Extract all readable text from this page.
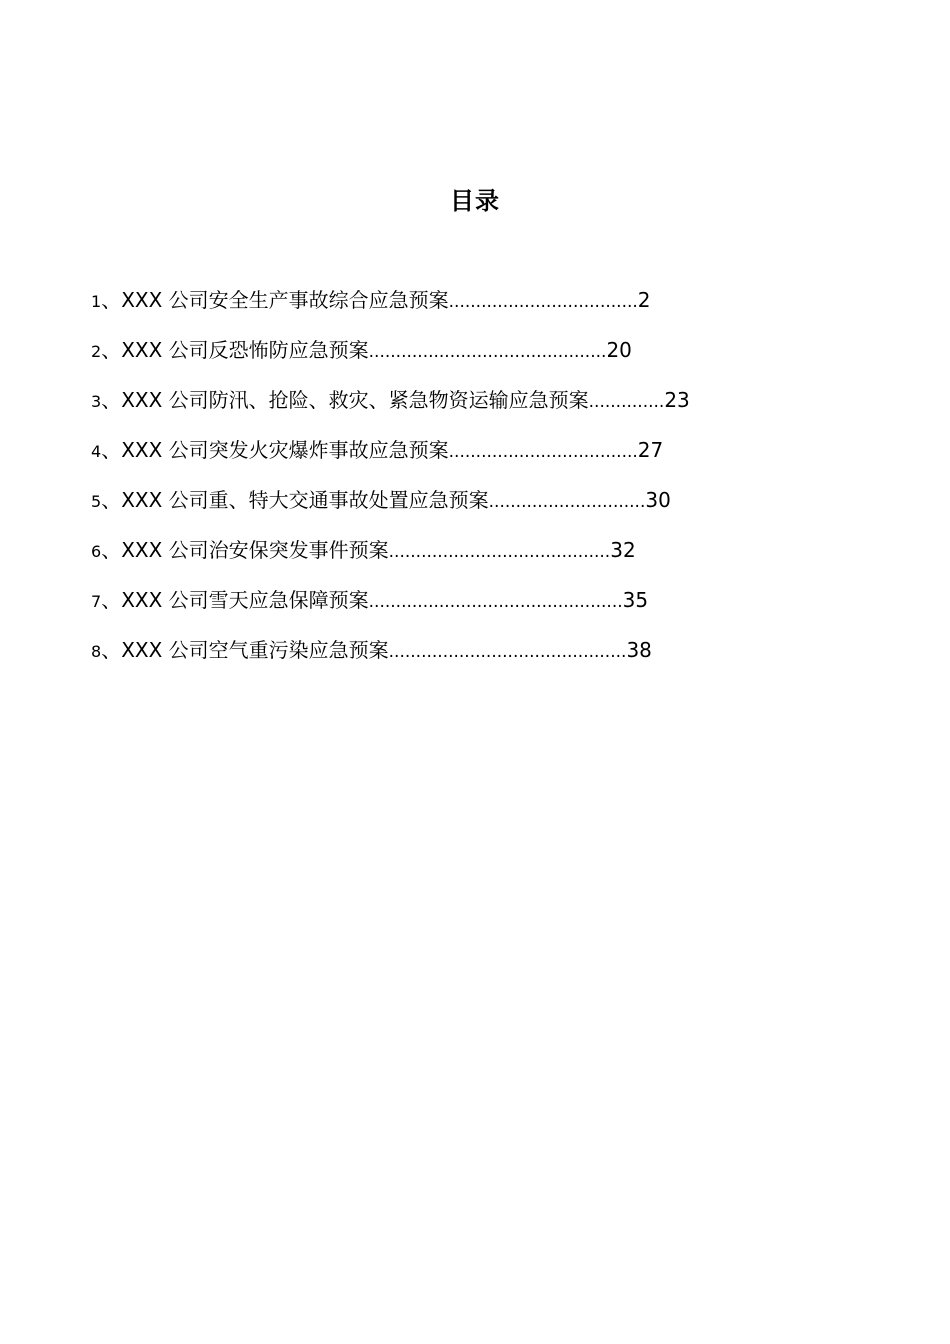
目录
1、XXX 公司安全生产事故综合应急预案...................................2
2、XXX 公司反恐怖防应急预案............................................20
3、XXX 公司防汛、抢险、救灾、紧急物资运输应急预案..............23
4、XXX 公司突发火灾爆炸事故应急预案...................................27
5、XXX 公司重、特大交通事故处置应急预案.............................30
6、XXX 公司治安保突发事件预案.........................................32
7、XXX 公司雪天应急保障预案...............................................35
8、XXX 公司空气重污染应急预案............................................38
